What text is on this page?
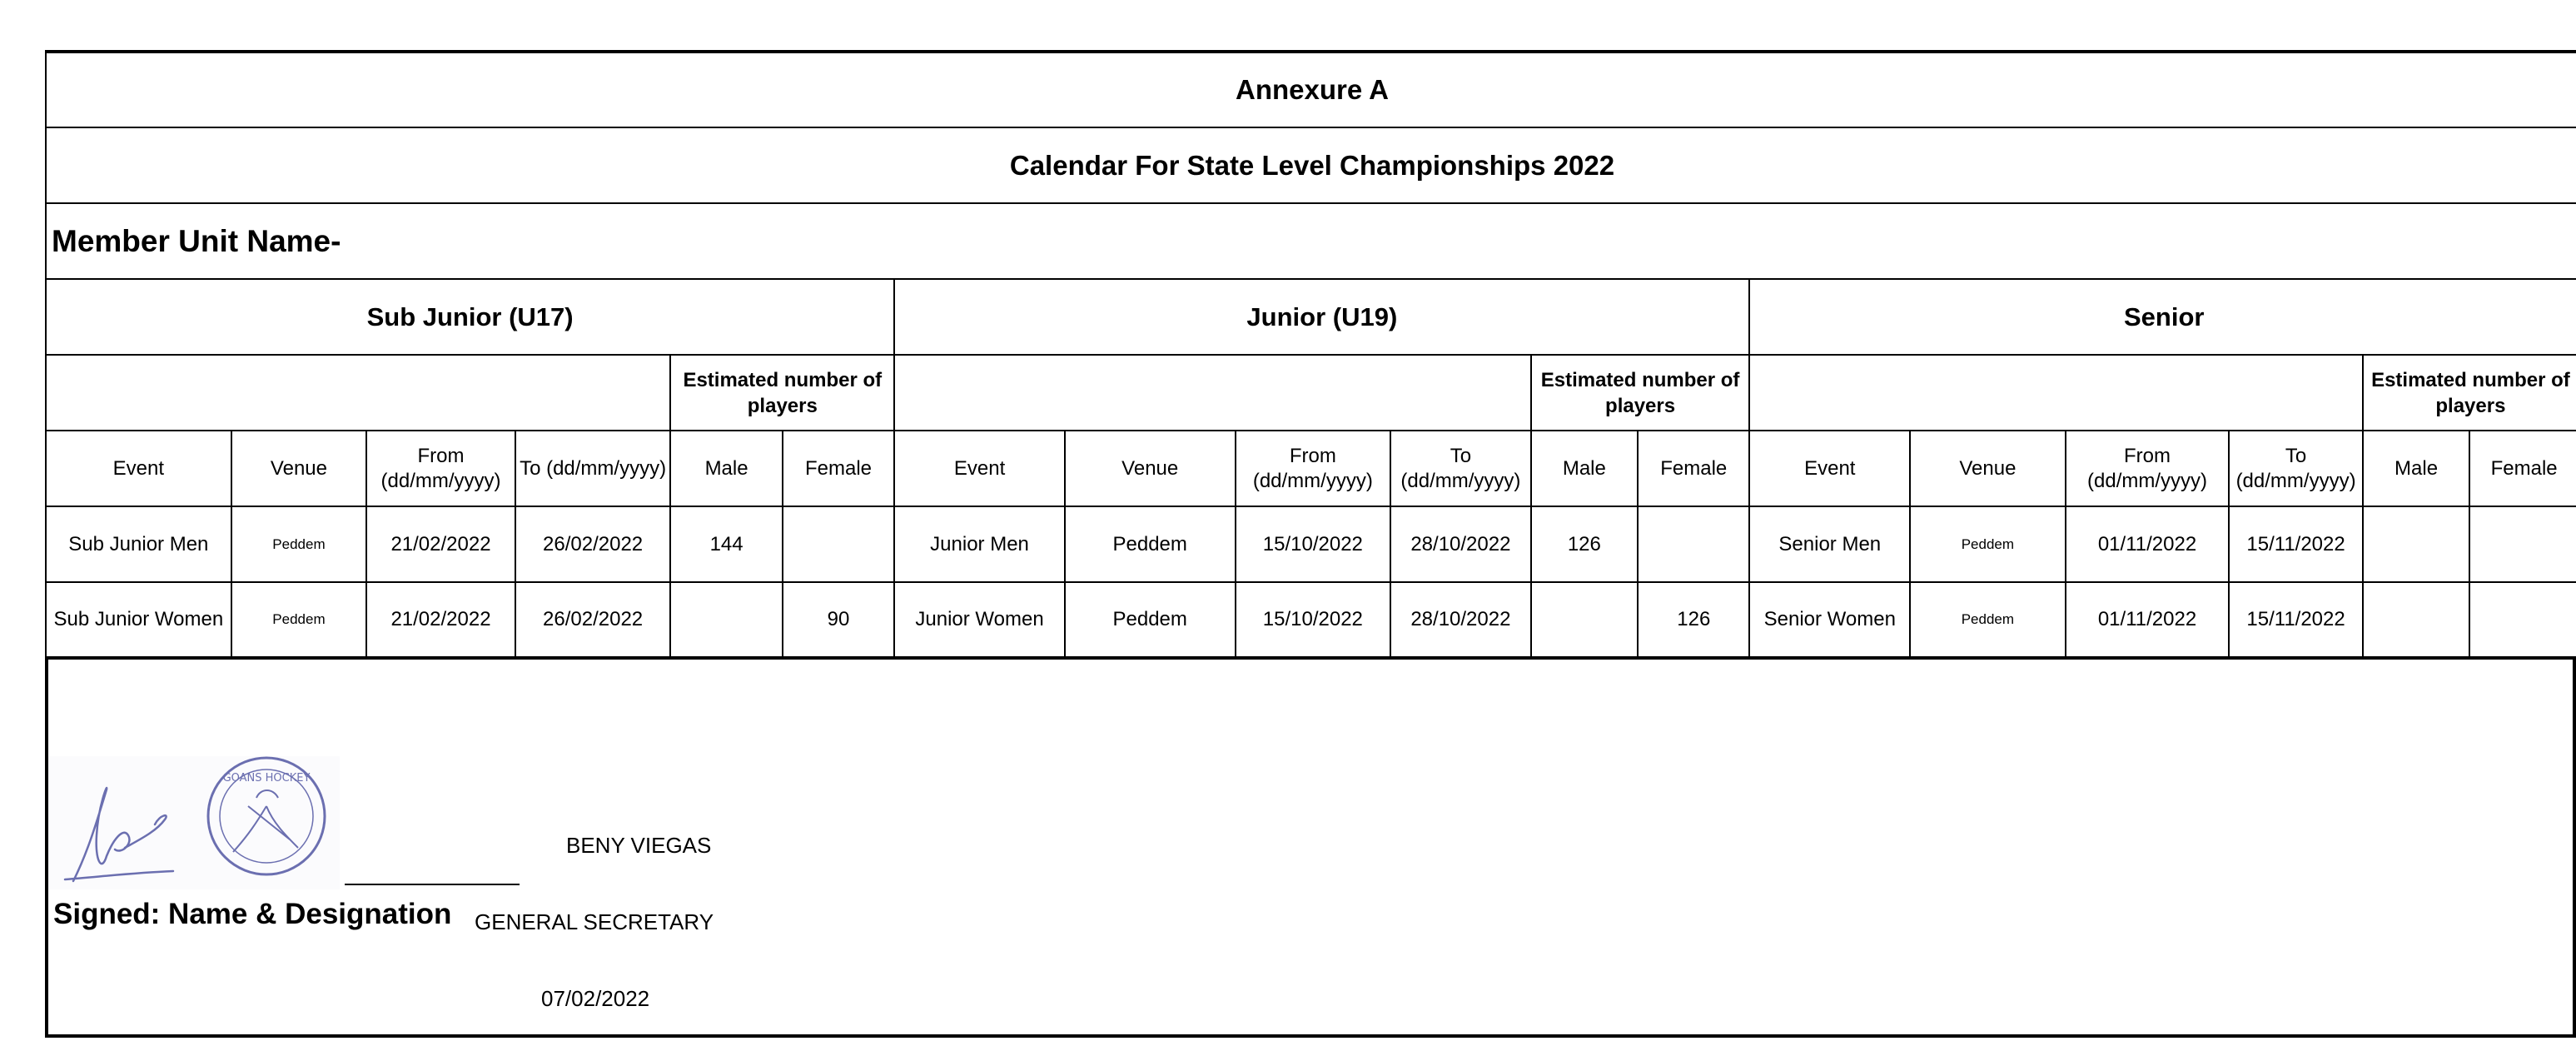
Annexure A																	
Calendar For State Level Championships 2022																	
Member Unit Name-																	
Sub Junior (U17)						Junior (U19)						Senior					
				Estimated number of players						Estimated number of players						Estimated number of players	
Event	Venue	From (dd/mm/yyyy)	To (dd/mm/yyyy)	Male	Female	Event	Venue	From (dd/mm/yyyy)	To (dd/mm/yyyy)	Male	Female	Event	Venue	From (dd/mm/yyyy)	To (dd/mm/yyyy)	Male	Female
Sub Junior Men	Peddem	21/02/2022	26/02/2022	144		Junior Men	Peddem	15/10/2022	28/10/2022	126		Senior Men	Peddem	01/11/2022	15/11/2022		
Sub Junior Women	Peddem	21/02/2022	26/02/2022		90	Junior Women	Peddem	15/10/2022	28/10/2022		126	Senior Women	Peddem	01/11/2022	15/11/2022		
GOANS HOCKEY
BENY VIEGAS
Signed: Name & Designation GENERAL SECRETARY
07/02/2022
